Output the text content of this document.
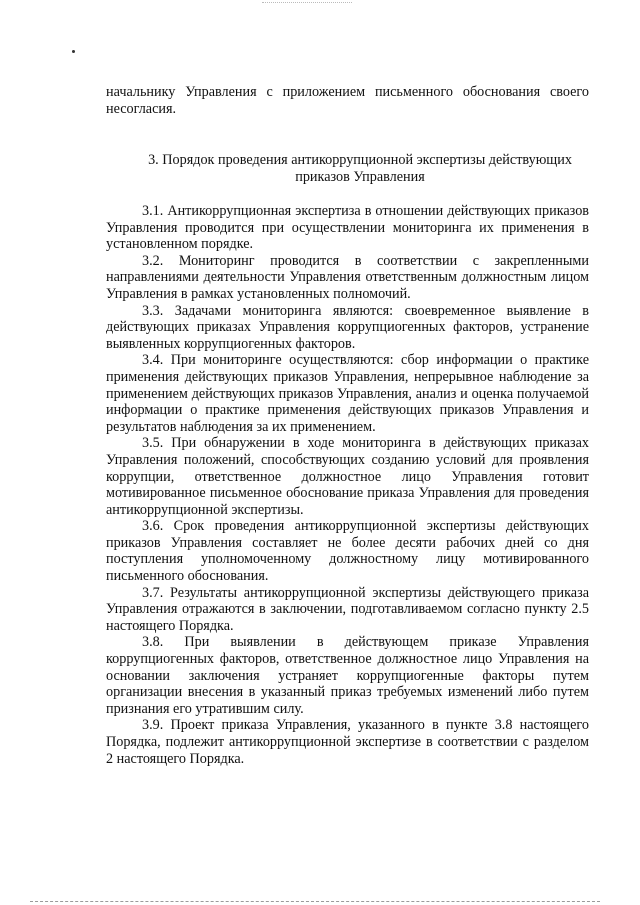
начальнику Управления с приложением письменного обоснования своего несогласия.
3. Порядок проведения антикоррупционной экспертизы действующих приказов Управления

3.1. Антикоррупционная экспертиза в отношении действующих приказов Управления проводится при осуществлении мониторинга их применения в установленном порядке.

3.2. Мониторинг проводится в соответствии с закрепленными направлениями деятельности Управления ответственным должностным лицом Управления в рамках установленных полномочий.

3.3. Задачами мониторинга являются: своевременное выявление в действующих приказах Управления коррупциогенных факторов, устранение выявленных коррупциогенных факторов.

3.4. При мониторинге осуществляются: сбор информации о практике применения действующих приказов Управления, непрерывное наблюдение за применением действующих приказов Управления, анализ и оценка получаемой информации о практике применения действующих приказов Управления и результатов наблюдения за их применением.

3.5. При обнаружении в ходе мониторинга в действующих приказах Управления положений, способствующих созданию условий для проявления коррупции, ответственное должностное лицо Управления готовит мотивированное письменное обоснование приказа Управления для проведения антикоррупционной экспертизы.

3.6. Срок проведения антикоррупционной экспертизы действующих приказов Управления составляет не более десяти рабочих дней со дня поступления уполномоченному должностному лицу мотивированного письменного обоснования.

3.7. Результаты антикоррупционной экспертизы действующего приказа Управления отражаются в заключении, подготавливаемом согласно пункту 2.5 настоящего Порядка.

3.8. При выявлении в действующем приказе Управления коррупциогенных факторов, ответственное должностное лицо Управления на основании заключения устраняет коррупциогенные факторы путем организации внесения в указанный приказ требуемых изменений либо путем признания его утратившим силу.

3.9. Проект приказа Управления, указанного в пункте 3.8 настоящего Порядка, подлежит антикоррупционной экспертизе в соответствии с разделом 2 настоящего Порядка.
